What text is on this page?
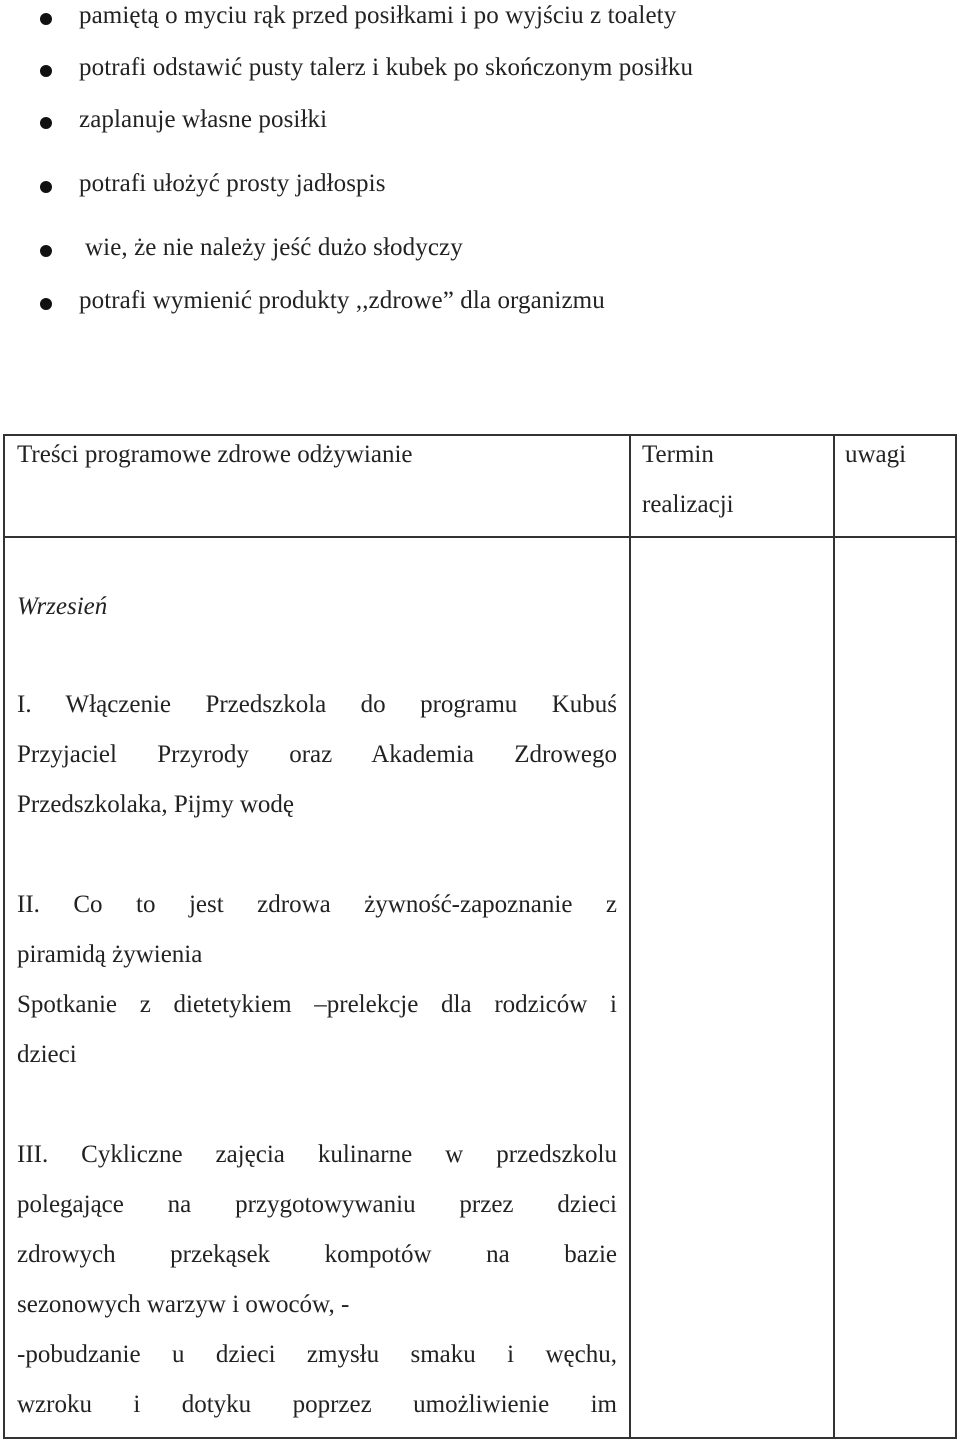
pamiętą o myciu rąk przed posiłkami i po wyjściu z toalety
potrafi odstawić pusty talerz i kubek po skończonym posiłku
zaplanuje własne posiłki
potrafi ułożyć prosty jadłospis
wie, że nie należy jeść dużo słodyczy
potrafi wymienić produkty ,,zdrowe” dla organizmu
Treści programowe zdrowe odżywianie	Termin
realizacji
uwagi
Wrzesień
I. Włączenie Przedszkola do programu Kubuś
Przyjaciel Przyrody oraz Akademia Zdrowego
Przedszkolaka, Pijmy wodę
II. Co to jest zdrowa żywność-zapoznanie z
piramidą żywienia
Spotkanie z dietetykiem –prelekcje dla rodziców i
dzieci
III. Cykliczne zajęcia kulinarne w przedszkolu
polegające na przygotowywaniu przez dzieci
zdrowych przekąsek kompotów na bazie
sezonowych warzyw i owoców, -
-pobudzanie u dzieci zmysłu smaku i węchu,
wzroku i dotyku poprzez umożliwienie im
